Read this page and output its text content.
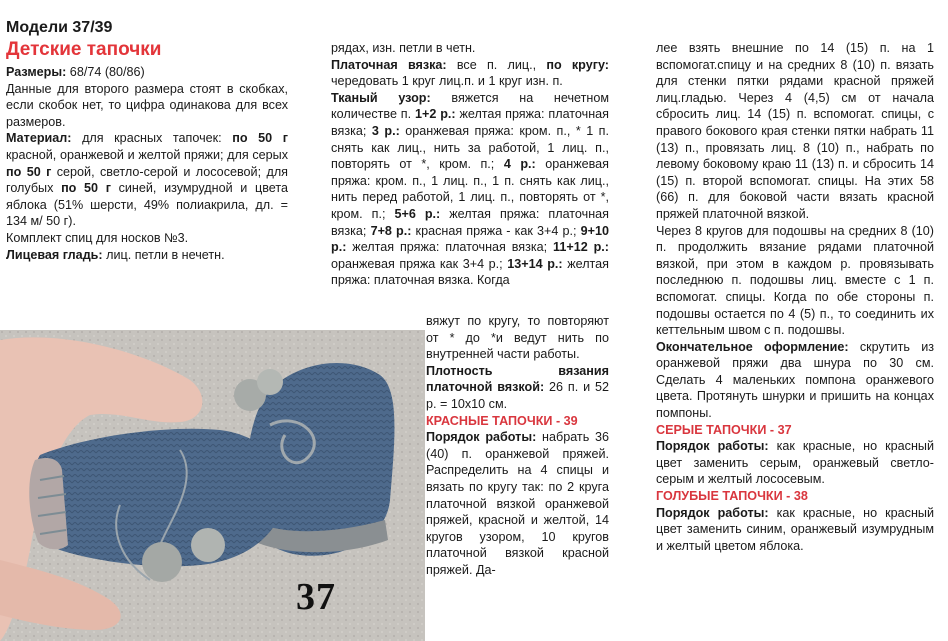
Модели 37/39
Детские тапочки

Размеры: 68/74 (80/86)

Данные для второго размера стоят в скобках, если скобок нет, то цифра одинакова для всех размеров.

Материал: для красных тапочек: по 50 г красной, оранжевой и желтой пряжи; для серых по 50 г серой, светло-серой и лососевой; для голубых по 50 г синей, изумрудной и цвета яблока (51% шерсти, 49% полиакрила, дл. = 134 м/ 50 г).

Комплект спиц для носков №3.

Лицевая гладь: лиц. петли в нечетн.

рядах, изн. петли в четн.

Платочная вязка: все п. лиц., по кругу: чередовать 1 круг лиц.п. и 1 круг изн. п.

Тканый узор: вяжется на нечетном количестве п. 1+2 р.: желтая пряжа: платочная вязка; 3 р.: оранжевая пряжа: кром. п., * 1 п. снять как лиц., нить за работой, 1 лиц. п., повторять от *, кром. п.; 4 р.: оранжевая пряжа: кром. п., 1 лиц. п., 1 п. снять как лиц., нить перед работой, 1 лиц. п., повторять от *, кром. п.; 5+6 р.: желтая пряжа: платочная вязка; 7+8 р.: красная пряжа - как 3+4 р.; 9+10 р.: желтая пряжа: платочная вязка; 11+12 р.: оранжевая пряжа как 3+4 р.; 13+14 р.: желтая пряжа: платочная вязка. Когда

вяжут по кругу, то повторяют от * до *и ведут нить по внутренней части работы.

Плотность вязания платочной вязкой: 26 п. и 52 р. = 10х10 см.

КРАСНЫЕ ТАПОЧКИ - 39

Порядок работы: набрать 36 (40) п. оранжевой пряжей. Распределить на 4 спицы и вязать по кругу так: по 2 круга платочной вязкой оранжевой пряжей, красной и желтой, 14 кругов узором, 10 кругов платочной вязкой красной пряжей. Да-

лее взять внешние по 14 (15) п. на 1 вспомогат.спицу и на средних 8 (10) п. вязать для стенки пятки рядами красной пряжей лиц.гладью. Через 4 (4,5) см от начала сбросить лиц. 14 (15) п. вспомогат. спицы, с правого бокового края стенки пятки набрать 11 (13) п., провязать лиц. 8 (10) п., набрать по левому боковому краю 11 (13) п. и сбросить 14 (15) п. второй вспомогат. спицы. На этих 58 (66) п. для боковой части вязать красной пряжей платочной вязкой.

Через 8 кругов для подошвы на средних 8 (10) п. продолжить вязание рядами платочной вязкой, при этом в каждом р. провязывать последнюю п. подошвы лиц. вместе с 1 п. вспомогат. спицы. Когда по обе стороны п. подошвы остается по 4 (5) п., то соединить их кеттельным швом с п. подошвы.

Окончательное оформление: скрутить из оранжевой пряжи два шнура по 30 см. Сделать 4 маленьких помпона оранжевого цвета. Протянуть шнурки и пришить на концах помпоны.

СЕРЫЕ ТАПОЧКИ - 37

Порядок работы: как красные, но красный цвет заменить серым, оранжевый светло-серым и желтый лососевым.

ГОЛУБЫЕ ТАПОЧКИ - 38

Порядок работы: как красные, но красный цвет заменить синим, оранжевый изумрудным и желтый цветом яблока.

37
